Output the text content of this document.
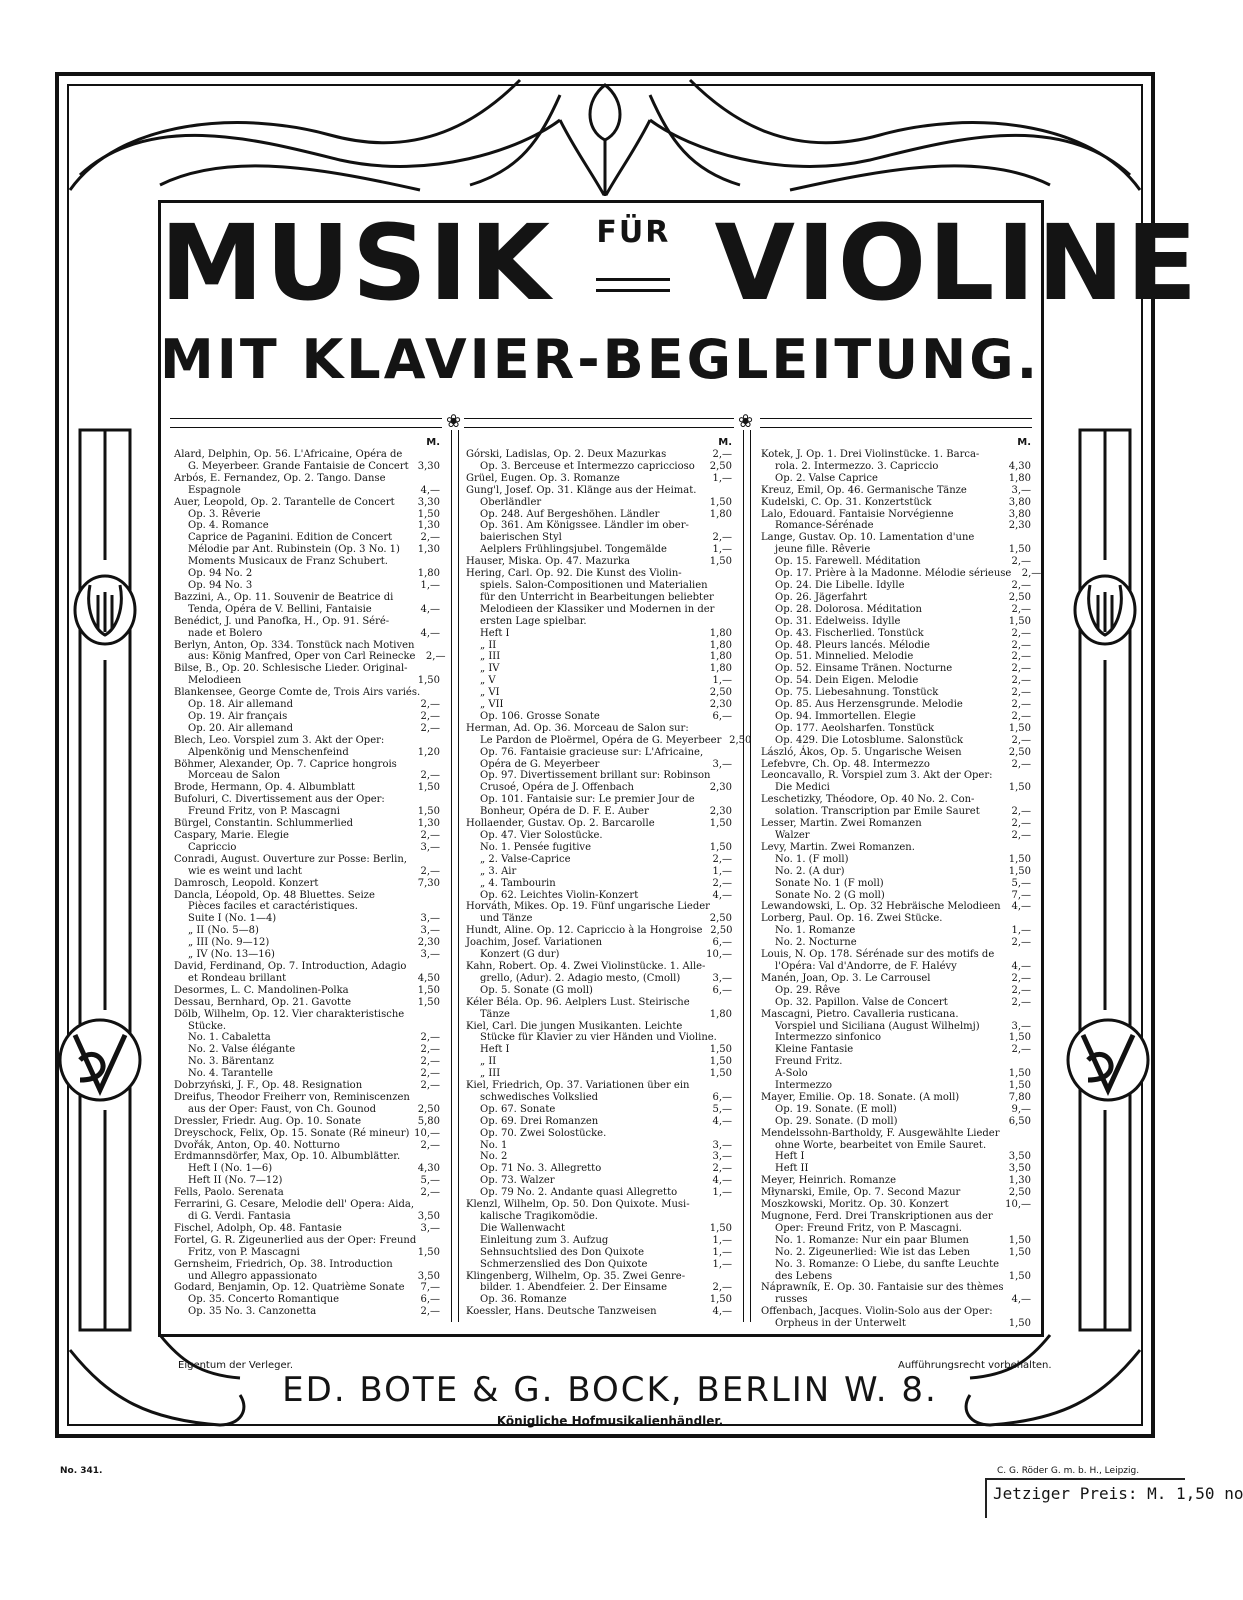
MUSIK FÜR VIOLINE
MIT KLAVIER-BEGLEITUNG.
❀	❀
M.
Alard, Delphin, Op. 56. L'Africaine, Opéra de
G. Meyerbeer. Grande Fantaisie de Concert 3,30
Arbós, E. Fernandez, Op. 2. Tango. Danse
Espagnole	4,—
Auer, Leopold, Op. 2. Tarantelle de Concert	3,30
Op. 3. Rêverie	1,50
Op. 4. Romance	1,30
Caprice de Paganini. Edition de Concert	2,—
Mélodie par Ant. Rubinstein (Op. 3 No. 1)	1,30
Moments Musicaux de Franz Schubert.
Op. 94 No. 2	1,80
Op. 94 No. 3	1,—
Bazzini, A., Op. 11. Souvenir de Beatrice di
Tenda, Opéra de V. Bellini, Fantaisie	4,—
Benédict, J. und Panofka, H., Op. 91. Séré-
nade et Bolero	4,—
Berlyn, Anton, Op. 334. Tonstück nach Motiven
aus: König Manfred, Oper von Carl Reinecke	2,—
Bilse, B., Op. 20. Schlesische Lieder. Original-
Melodieen	1,50
Blankensee, George Comte de, Trois Airs variés.
Op. 18. Air allemand	2,—
Op. 19. Air français	2,—
Op. 20. Air allemand	2,—
Blech, Leo. Vorspiel zum 3. Akt der Oper:
Alpenkönig und Menschenfeind	1,20
Böhmer, Alexander, Op. 7. Caprice hongrois
Morceau de Salon	2,—
Brode, Hermann, Op. 4. Albumblatt	1,50
Bufoluri, C. Divertissement aus der Oper:
Freund Fritz, von P. Mascagni	1,50
Bürgel, Constantin. Schlummerlied	1,30
Caspary, Marie. Elegie	2,—
Capriccio	3,—
Conradi, August. Ouverture zur Posse: Berlin,
wie es weint und lacht	2,—
Damrosch, Leopold. Konzert	7,30
Dancla, Léopold, Op. 48 Bluettes. Seize
Pièces faciles et caractéristiques.
Suite I (No. 1—4)	3,—
„ II (No. 5—8)	3,—
„ III (No. 9—12)	2,30
„ IV (No. 13—16)	3,—
David, Ferdinand, Op. 7. Introduction, Adagio
et Rondeau brillant	4,50
Desormes, L. C. Mandolinen-Polka	1,50
Dessau, Bernhard, Op. 21. Gavotte	1,50
Dölb, Wilhelm, Op. 12. Vier charakteristische
Stücke.
No. 1. Cabaletta	2,—
No. 2. Valse élégante	2,—
No. 3. Bärentanz	2,—
No. 4. Tarantelle	2,—
Dobrzyński, J. F., Op. 48. Resignation	2,—
Dreifus, Theodor Freiherr von, Reminiscenzen
aus der Oper: Faust, von Ch. Gounod	2,50
Dressler, Friedr. Aug. Op. 10. Sonate	5,80
Dreyschock, Felix, Op. 15. Sonate (Ré mineur) 10,—
Dvořák, Anton, Op. 40. Notturno	2,—
Erdmannsdörfer, Max, Op. 10. Albumblätter.
Heft I (No. 1—6)	4,30
Heft II (No. 7—12)	5,—
Fells, Paolo. Serenata	2,—
Ferrarini, G. Cesare, Melodie dell' Opera: Aida,
di G. Verdi. Fantasia	3,50
Fischel, Adolph, Op. 48. Fantasie	3,—
Fortel, G. R. Zigeunerlied aus der Oper: Freund
Fritz, von P. Mascagni	1,50
Gernsheim, Friedrich, Op. 38. Introduction
und Allegro appassionato	3,50
Godard, Benjamin, Op. 12. Quatrième Sonate	7,—
Op. 35. Concerto Romantique	6,—
Op. 35 No. 3. Canzonetta	2,—
M.
Górski, Ladislas, Op. 2. Deux Mazurkas	2,—
Op. 3. Berceuse et Intermezzo capriccioso	2,50
Grüel, Eugen. Op. 3. Romanze	1,—
Gung'l, Josef. Op. 31. Klänge aus der Heimat.
Oberländler	1,50
Op. 248. Auf Bergeshöhen. Ländler	1,80
Op. 361. Am Königssee. Ländler im ober-
baierischen Styl	2,—
Aelplers Frühlingsjubel. Tongemälde	1,—
Hauser, Miska. Op. 47. Mazurka	1,50
Hering, Carl. Op. 92. Die Kunst des Violin-
spiels. Salon-Compositionen und Materialien
für den Unterricht in Bearbeitungen beliebter
Melodieen der Klassiker und Modernen in der
ersten Lage spielbar.
Heft I	1,80
„ II	1,80
„ III	1,80
„ IV	1,80
„ V	1,—
„ VI	2,50
„ VII	2,30
Op. 106. Grosse Sonate	6,—
Herman, Ad. Op. 36. Morceau de Salon sur:
Le Pardon de Ploërmel, Opéra de G. Meyerbeer 2,50
Op. 76. Fantaisie gracieuse sur: L'Africaine,
Opéra de G. Meyerbeer	3,—
Op. 97. Divertissement brillant sur: Robinson
Crusoé, Opéra de J. Offenbach	2,30
Op. 101. Fantaisie sur: Le premier Jour de
Bonheur, Opéra de D. F. E. Auber	2,30
Hollaender, Gustav. Op. 2. Barcarolle	1,50
Op. 47. Vier Solostücke.
No. 1. Pensée fugitive	1,50
„ 2. Valse-Caprice	2,—
„ 3. Air	1,—
„ 4. Tambourin	2,—
Op. 62. Leichtes Violin-Konzert	4,—
Horváth, Mikes. Op. 19. Fünf ungarische Lieder
und Tänze	2,50
Hundt, Aline. Op. 12. Capriccio à la Hongroise 2,50
Joachim, Josef. Variationen	6,—
Konzert (G dur)	10,—
Kahn, Robert. Op. 4. Zwei Violinstücke. 1. Alle-
grello, (Adur). 2. Adagio mesto, (Cmoll)	3,—
Op. 5. Sonate (G moll)	6,—
Kéler Béla. Op. 96. Aelplers Lust. Steirische
Tänze	1,80
Kiel, Carl. Die jungen Musikanten. Leichte
Stücke für Klavier zu vier Händen und Violine.
Heft I	1,50
„ II	1,50
„ III	1,50
Kiel, Friedrich, Op. 37. Variationen über ein
schwedisches Volkslied	6,—
Op. 67. Sonate	5,—
Op. 69. Drei Romanzen	4,—
Op. 70. Zwei Solostücke.
No. 1	3,—
No. 2	3,—
Op. 71 No. 3. Allegretto	2,—
Op. 73. Walzer	4,—
Op. 79 No. 2. Andante quasi Allegretto	1,—
Klenzl, Wilhelm, Op. 50. Don Quixote. Musi-
kalische Tragikomödie.
Die Wallenwacht	1,50
Einleitung zum 3. Aufzug	1,—
Sehnsuchtslied des Don Quixote	1,—
Schmerzenslied des Don Quixote	1,—
Klingenberg, Wilhelm, Op. 35. Zwei Genre-
bilder. 1. Abendfeier. 2. Der Einsame	2,—
Op. 36. Romanze	1,50
Koessler, Hans. Deutsche Tanzweisen	4,—
M.
Kotek, J. Op. 1. Drei Violinstücke. 1. Barca-
rola. 2. Intermezzo. 3. Capriccio	4,30
Op. 2. Valse Caprice	1,80
Kreuz, Emil, Op. 46. Germanische Tänze	3,—
Kudelski, C. Op. 31. Konzertstück	3,80
Lalo, Edouard. Fantaisie Norvégienne	3,80
Romance-Sérénade	2,30
Lange, Gustav. Op. 10. Lamentation d'une
jeune fille. Rêverie	1,50
Op. 15. Farewell. Méditation	2,—
Op. 17. Prière à la Madonne. Mélodie sérieuse	2,—
Op. 24. Die Libelle. Idylle	2,—
Op. 26. Jägerfahrt	2,50
Op. 28. Dolorosa. Méditation	2,—
Op. 31. Edelweiss. Idylle	1,50
Op. 43. Fischerlied. Tonstück	2,—
Op. 48. Pleurs lancés. Mélodie	2,—
Op. 51. Minnelied. Melodie	2,—
Op. 52. Einsame Tränen. Nocturne	2,—
Op. 54. Dein Eigen. Melodie	2,—
Op. 75. Liebesahnung. Tonstück	2,—
Op. 85. Aus Herzensgrunde. Melodie	2,—
Op. 94. Immortellen. Elegie	2,—
Op. 177. Aeolsharfen. Tonstück	1,50
Op. 429. Die Lotosblume. Salonstück	2,—
László, Ákos, Op. 5. Ungarische Weisen	2,50
Lefebvre, Ch. Op. 48. Intermezzo	2,—
Leoncavallo, R. Vorspiel zum 3. Akt der Oper:
Die Medici	1,50
Leschetizky, Théodore, Op. 40 No. 2. Con-
solation. Transcription par Emile Sauret	2,—
Lesser, Martin. Zwei Romanzen	2,—
Walzer	2,—
Levy, Martin. Zwei Romanzen.
No. 1. (F moll)	1,50
No. 2. (A dur)	1,50
Sonate No. 1 (F moll)	5,—
Sonate No. 2 (G moll)	7,—
Lewandowski, L. Op. 32 Hebräische Melodieen	4,—
Lorberg, Paul. Op. 16. Zwei Stücke.
No. 1. Romanze	1,—
No. 2. Nocturne	2,—
Louis, N. Op. 178. Sérénade sur des motifs de
l'Opéra: Val d'Andorre, de F. Halévy	4,—
Manén, Joan, Op. 3. Le Carrousel	2,—
Op. 29. Rêve	2,—
Op. 32. Papillon. Valse de Concert	2,—
Mascagni, Pietro. Cavalleria rusticana.
Vorspiel und Siciliana (August Wilhelmj)	3,—
Intermezzo sinfonico	1,50
Kleine Fantasie	2,—
Freund Fritz.
A-Solo	1,50
Intermezzo	1,50
Mayer, Emilie. Op. 18. Sonate. (A moll)	7,80
Op. 19. Sonate. (E moll)	9,—
Op. 29. Sonate. (D moll)	6,50
Mendelssohn-Bartholdy, F. Ausgewählte Lieder
ohne Worte, bearbeitet von Emile Sauret.
Heft I	3,50
Heft II	3,50
Meyer, Heinrich. Romanze	1,30
Młynarski, Emile, Op. 7. Second Mazur	2,50
Moszkowski, Moritz. Op. 30. Konzert	10,—
Mugnone, Ferd. Drei Transkriptionen aus der
Oper: Freund Fritz, von P. Mascagni.
No. 1. Romanze: Nur ein paar Blumen	1,50
No. 2. Zigeunerlied: Wie ist das Leben	1,50
No. 3. Romanze: O Liebe, du sanfte Leuchte
des Lebens	1,50
Náprawník, E. Op. 30. Fantaisie sur des thèmes
russes	4,—
Offenbach, Jacques. Violin-Solo aus der Oper:
Orpheus in der Unterwelt	1,50
Eigentum der Verleger.	Aufführungsrecht vorbehalten.
ED. BOTE & G. BOCK, BERLIN W. 8.
Königliche Hofmusikalienhändler.
No. 341.	C. G. Röder G. m. b. H., Leipzig.
Jetziger Preis: M. 1,50 no
